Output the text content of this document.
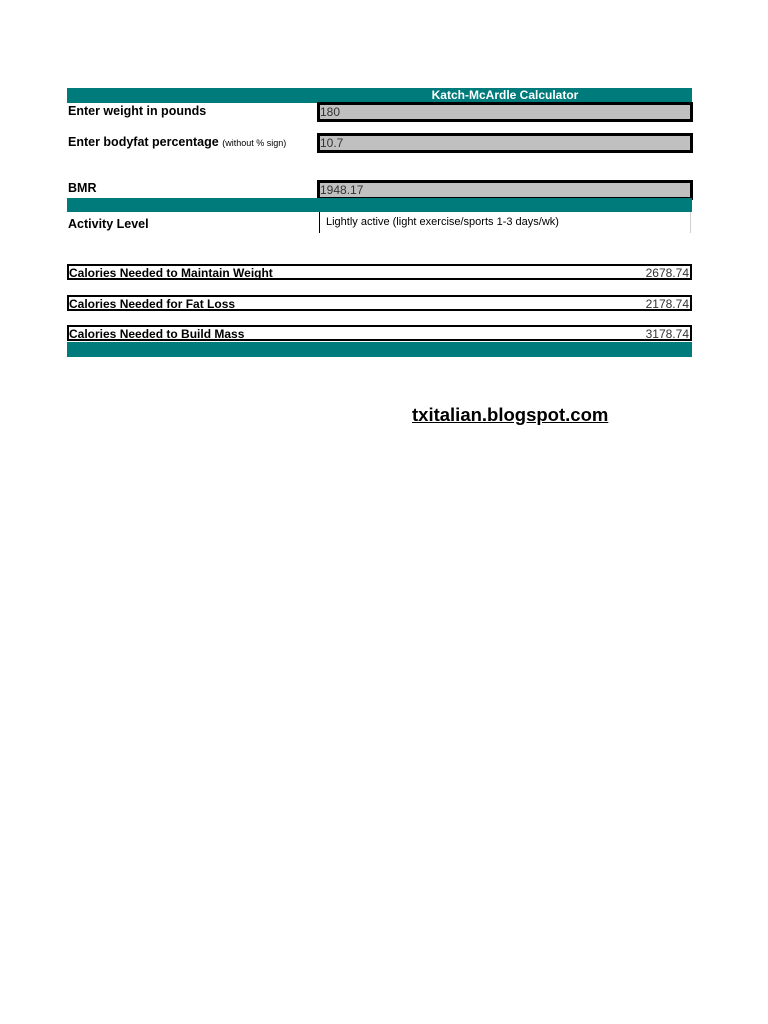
Katch-McArdle Calculator
Enter weight in pounds	180
Enter bodyfat percentage (without % sign)	10.7
BMR	1948.17
Activity Level	Lightly active (light exercise/sports 1-3 days/wk)
Calories Needed to Maintain Weight	2678.74
Calories Needed for Fat Loss	2178.74
Calories Needed to Build Mass	3178.74
txitalian.blogspot.com
